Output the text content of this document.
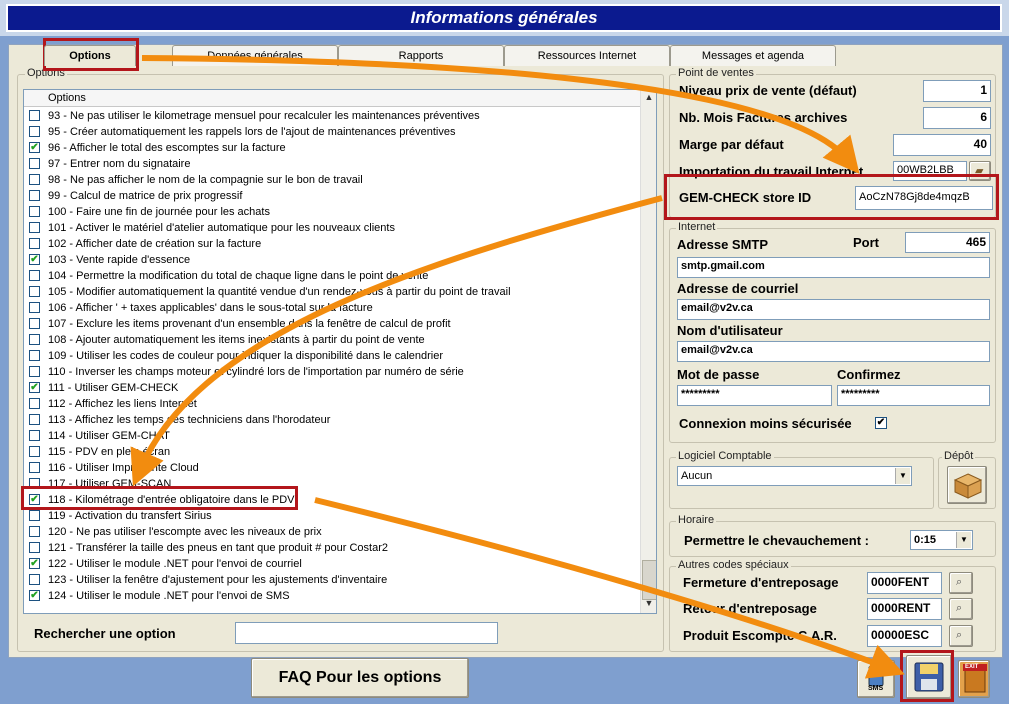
Informations générales
Options	Données générales	Rapports	Ressources Internet	Messages et agenda
Options
Options
93 - Ne pas utiliser le kilometrage mensuel pour recalculer les maintenances préventives
95 - Créer automatiquement les rappels lors de l'ajout de maintenances préventives
✔ 96 - Afficher le total des escomptes sur la facture
97 - Entrer nom du signataire
98 - Ne pas afficher le nom de la compagnie sur le bon de travail
99 - Calcul de matrice de prix progressif
100 - Faire une fin de journée pour les achats
101 - Activer le matériel d'atelier automatique pour les nouveaux clients
102 - Afficher date de création sur la facture
✔ 103 - Vente rapide d'essence
104 - Permettre la modification du total de chaque ligne dans le point de vente
105 - Modifier automatiquement la quantité vendue d'un rendez-vous à partir du point de travail
106 - Afficher ' + taxes applicables' dans le sous-total sur la facture
107 - Exclure les items provenant d'un ensemble dans la fenêtre de calcul de profit
108 - Ajouter automatiquement les items inexistants à partir du point de vente
109 - Utiliser les codes de couleur pour indiquer la disponibilité dans le calendrier
110 - Inverser les champs moteur et cylindré lors de l'importation par numéro de série
✔ 111 - Utiliser GEM-CHECK
112 - Affichez les liens Internet
113 - Affichez les temps des techniciens dans l'horodateur
114 - Utiliser GEM-CHAT
115 - PDV en plein écran
116 - Utiliser Imprimante Cloud
117 - Utiliser GEM-SCAN
✔ 118 - Kilométrage d'entrée obligatoire dans le PDV
119 - Activation du transfert Sirius
120 - Ne pas utiliser l'escompte avec les niveaux de prix
121 - Transférer la taille des pneus en tant que produit # pour Costar2
✔ 122 - Utiliser le module .NET pour l'envoi de courriel
123 - Utiliser la fenêtre d'ajustement pour les ajustements d'inventaire
✔ 124 - Utiliser le module .NET pour l'envoi de SMS
▲
▼
Rechercher une option
Point de ventes
Niveau prix de vente (défaut)	1
Nb. Mois Factures archives	6
Marge par défaut	40
Importation du travail Internet	00WB2LBB	▰
GEM-CHECK store ID	AoCzN78Gj8de4mqzB
Internet
Adresse SMTP	Port	465
smtp.gmail.com
Adresse de courriel
email@v2v.ca
Nom d'utilisateur
email@v2v.ca
Mot de passe	Confirmez
*********	*********
Connexion moins sécurisée	✔
Logiciel Comptable
Aucun	▼
Dépôt
Horaire
Permettre le chevauchement :	0:15	▼
Autres codes spéciaux
Fermeture d'entreposage	0000FENT	⌕
Retour d'entreposage	0000RENT	⌕
Produit Escompte C.A.R.	00000ESC	⌕
FAQ Pour les options
SMS
EXIT
